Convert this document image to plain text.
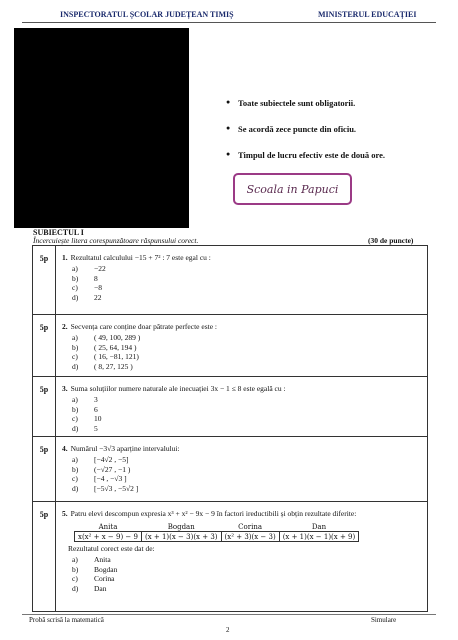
INSPECTORATUL ȘCOLAR JUDEȚEAN TIMIȘ	MINISTERUL EDUCAȚIEI
● Toate subiectele sunt obligatorii.
● Se acordă zece puncte din oficiu.
● Timpul de lucru efectiv este de două ore.
Scoala in Papuci
SUBIECTUL I
Încercuiește litera corespunzătoare răspunsului corect.	(30 de puncte)
5p	1. Rezultatul calculului −15 + 7² : 7 este egal cu :
a)	−22
b)	8
c)	−8
d)	22
5p	2. Secvența care conține doar pătrate perfecte este :
a)	( 49, 100, 289 )
b)	( 25, 64, 194 )
c)	( 16, −81, 121)
d)	( 8, 27, 125 )
5p	3. Suma soluțiilor numere naturale ale inecuației 3x − 1 ≤ 8 este egală cu :
a)	3
b)	6
c)	10
d)	5
5p	4. Numărul −3√3 aparține intervalului:
a)	[−4√2 , −5]
b)	(−√27 , −1 )
c)	[−4 , −√3 ]
d)	[−5√3 , −5√2 ]
5p	5. Patru elevi descompun expresia x³ + x² − 9x − 9 în factori ireductibili și obțin rezultate diferite:
Anita	Bogdan	Corina	Dan
x(x² + x − 9) − 9	(x + 1)(x − 3)(x + 3)	(x² + 3)(x − 3)	(x + 1)(x − 1)(x + 9)
Rezultatul corect este dat de:
a)	Anita
b)	Bogdan
c)	Corina
d)	Dan
Probă scrisă la matematică	Simulare
2
